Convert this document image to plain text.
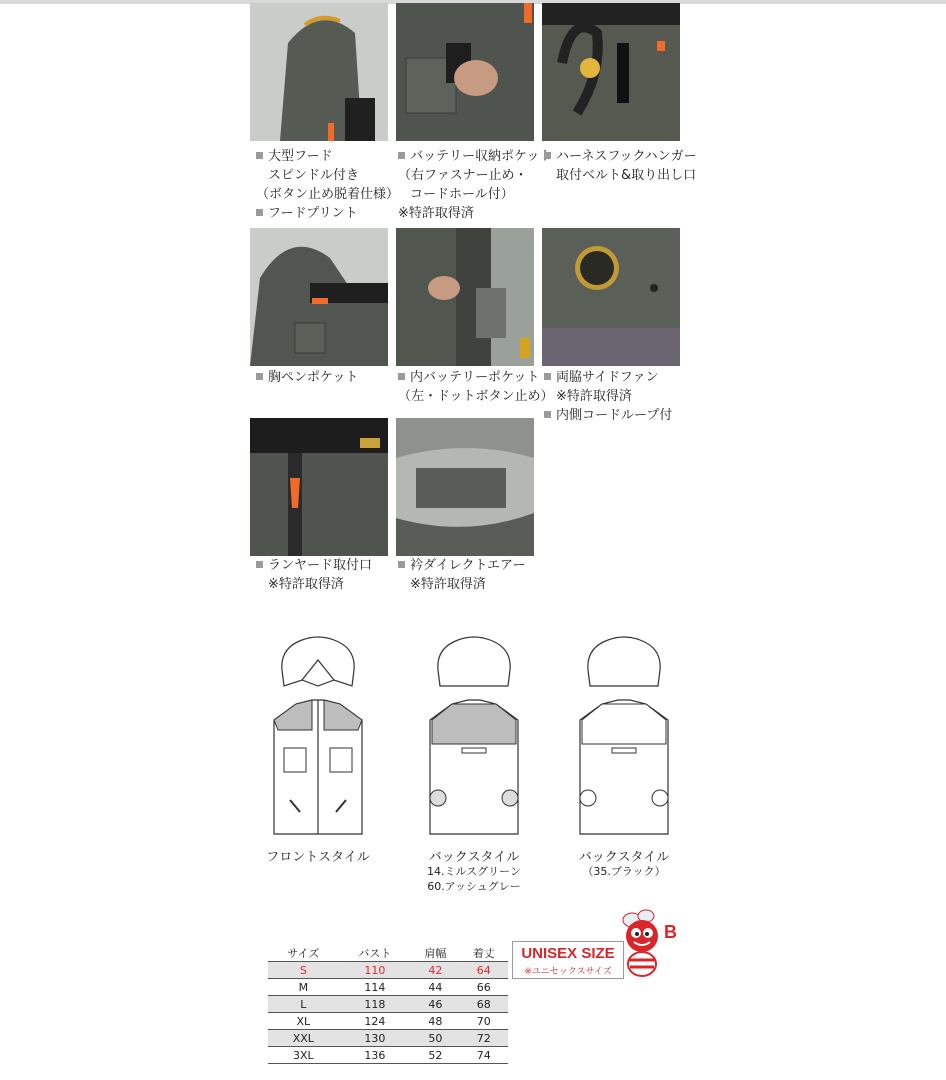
大型フード
スピンドル付き
（ボタン止め脱着仕様）
フードプリント
バッテリー収納ポケット
（右ファスナー止め・
コードホール付）
※特許取得済
ハーネスフックハンガー
取付ベルト&取り出し口
胸ペンポケット	内バッテリーポケット
（左・ドットボタン止め）
両脇サイドファン
※特許取得済
内側コードループ付
ランヤード取付口
※特許取得済
衿ダイレクトエアー
※特許取得済
フロントスタイル	バックスタイル
14.ミルスグリーン
60.アッシュグレー
バックスタイル
（35.ブラック）
サイズ	バスト	肩幅	着丈
S	110	42	64
M	114	44	66
L	118	46	68
XL	124	48	70
XXL	130	50	72
3XL	136	52	74
UNISEX SIZE
※ユニセックスサイズ
B
